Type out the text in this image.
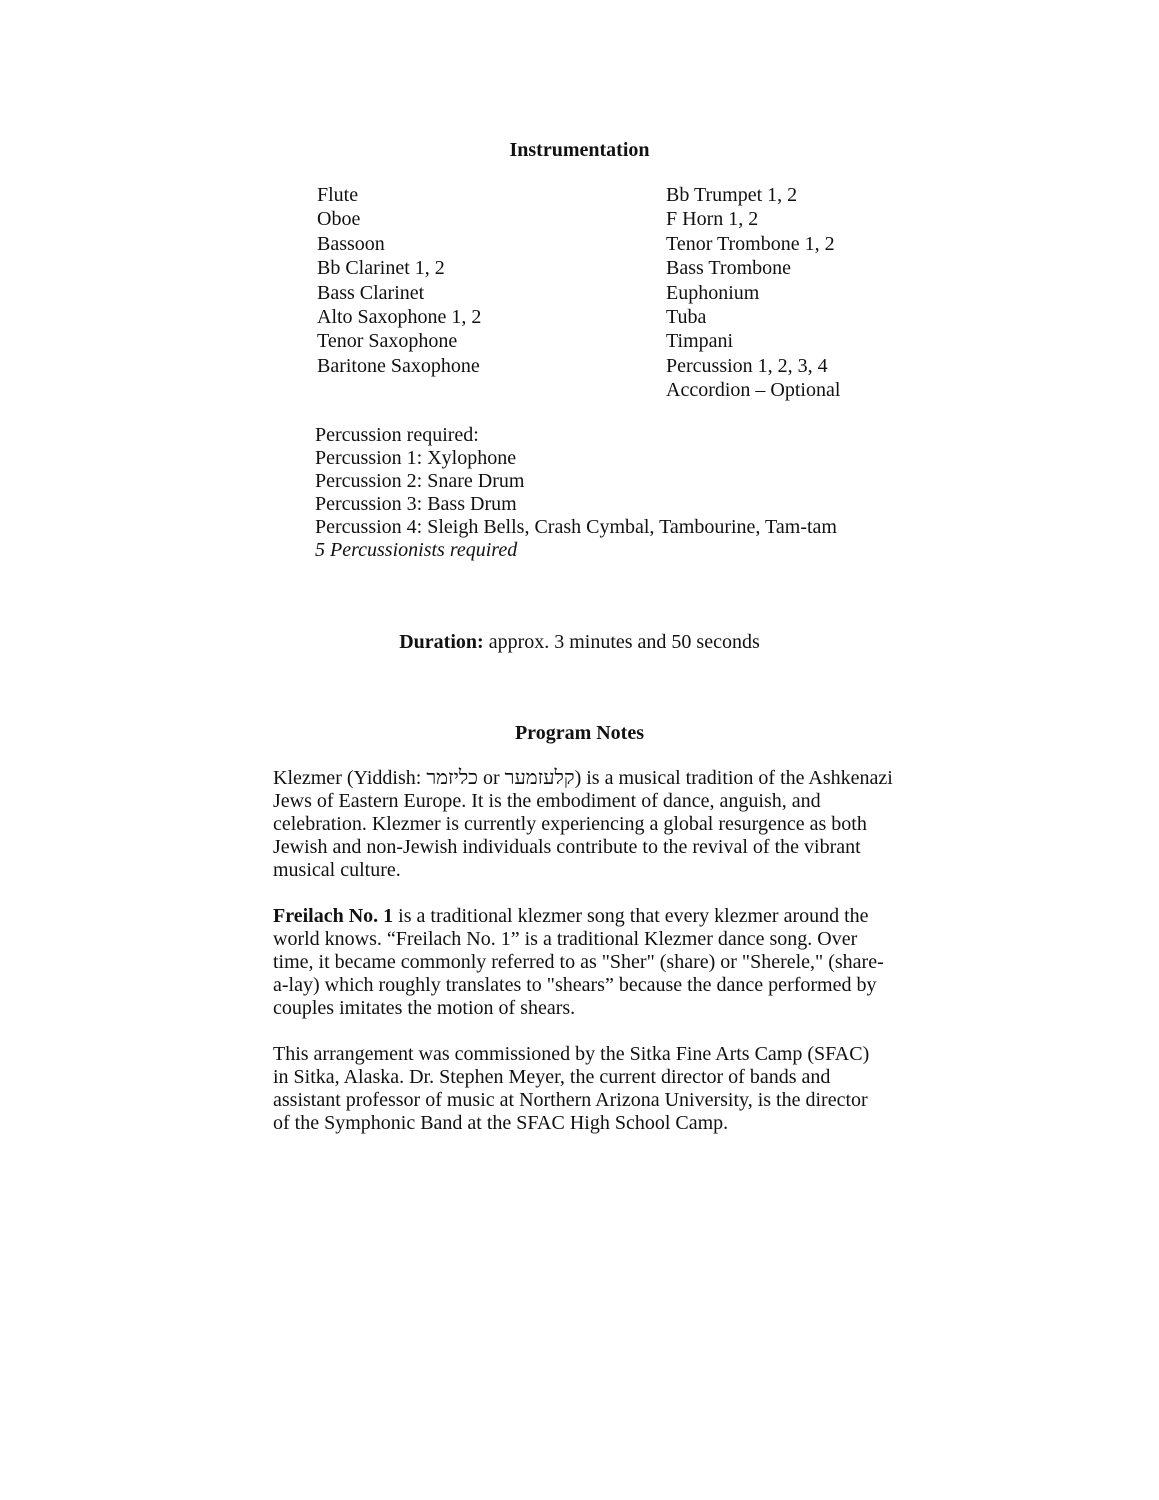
Instrumentation
Flute
Oboe
Bassoon
Bb Clarinet 1, 2
Bass Clarinet
Alto Saxophone 1, 2
Tenor Saxophone
Baritone Saxophone
Bb Trumpet 1, 2
F Horn 1, 2
Tenor Trombone 1, 2
Bass Trombone
Euphonium
Tuba
Timpani
Percussion 1, 2, 3, 4
Accordion – Optional
Percussion required:
Percussion 1: Xylophone
Percussion 2: Snare Drum
Percussion 3: Bass Drum
Percussion 4: Sleigh Bells, Crash Cymbal, Tambourine, Tam-tam
5 Percussionists required
Duration: approx. 3 minutes and 50 seconds
Program Notes
Klezmer (Yiddish: כליזמר or קלעזמער) is a musical tradition of the Ashkenazi
Jews of Eastern Europe. It is the embodiment of dance, anguish, and
celebration. Klezmer is currently experiencing a global resurgence as both
Jewish and non-Jewish individuals contribute to the revival of the vibrant
musical culture.
Freilach No. 1 is a traditional klezmer song that every klezmer around the
world knows. “Freilach No. 1” is a traditional Klezmer dance song. Over
time, it became commonly referred to as "Sher" (share) or "Sherele," (share-
a-lay) which roughly translates to "shears” because the dance performed by
couples imitates the motion of shears.
This arrangement was commissioned by the Sitka Fine Arts Camp (SFAC)
in Sitka, Alaska. Dr. Stephen Meyer, the current director of bands and
assistant professor of music at Northern Arizona University, is the director
of the Symphonic Band at the SFAC High School Camp.
